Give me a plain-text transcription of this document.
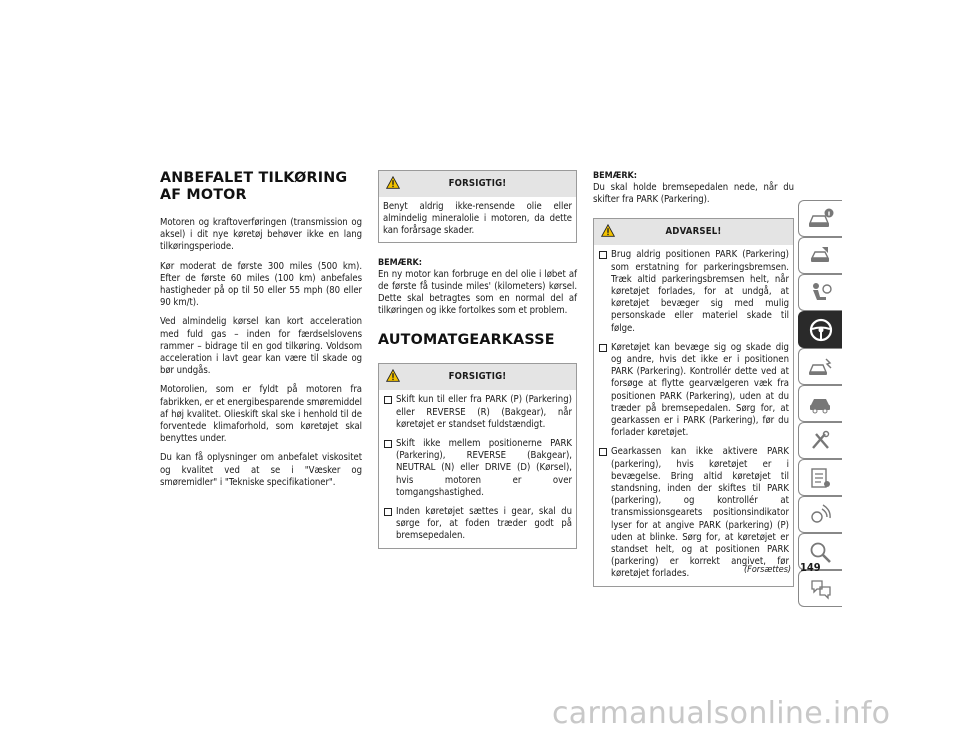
ANBEFALET TILKØRING AF MOTOR

Motoren og kraftoverføringen (transmission og aksel) i dit nye køretøj behøver ikke en lang tilkøringsperiode.

Kør moderat de første 300 miles (500 km). Efter de første 60 miles (100 km) anbefales hastigheder på op til 50 eller 55 mph (80 eller 90 km/t).

Ved almindelig kørsel kan kort acceleration med fuld gas – inden for færdselslovens rammer – bidrage til en god tilkøring. Voldsom acceleration i lavt gear kan være til skade og bør undgås.

Motorolien, som er fyldt på motoren fra fabrikken, er et energibesparende smøremiddel af høj kvalitet. Olieskift skal ske i henhold til de forventede klimaforhold, som køretøjet skal benyttes under.

Du kan få oplysninger om anbefalet viskositet og kvalitet ved at se i "Væsker og smøremidler" i "Tekniske specifikationer".

FORSIGTIG!

Benyt aldrig ikke-rensende olie eller almindelig mineralolie i motoren, da dette kan forårsage skader.

BEMÆRK:

En ny motor kan forbruge en del olie i løbet af de første få tusinde miles' (kilometers) kørsel. Dette skal betragtes som en normal del af tilkøringen og ikke fortolkes som et problem.

AUTOMATGEARKASSE
FORSIGTIG!
Skift kun til eller fra PARK (P) (Parkering) eller REVERSE (R) (Bakgear), når køretøjet er standset fuldstændigt.
Skift ikke mellem positionerne PARK (Parkering), REVERSE (Bakgear), NEUTRAL (N) eller DRIVE (D) (Kørsel), hvis motoren er over tomgangshastighed.
Inden køretøjet sættes i gear, skal du sørge for, at foden træder godt på bremsepedalen.

BEMÆRK:

Du skal holde bremsepedalen nede, når du skifter fra PARK (Parkering).

ADVARSEL!
Brug aldrig positionen PARK (Parkering) som erstatning for parkeringsbremsen. Træk altid parkeringsbremsen helt, når køretøjet forlades, for at undgå, at køretøjet bevæger sig med mulig personskade eller materiel skade til følge.
Køretøjet kan bevæge sig og skade dig og andre, hvis det ikke er i positionen PARK (Parkering). Kontrollér dette ved at forsøge at flytte gearvælgeren væk fra positionen PARK (Parkering), uden at du træder på bremsepedalen. Sørg for, at gearkassen er i PARK (Parkering), før du forlader køretøjet.
Gearkassen kan ikke aktivere PARK (parkering), hvis køretøjet er i bevægelse. Bring altid køretøjet til standsning, inden der skiftes til PARK (parkering), og kontrollér at transmissionsgearets positionsindikator lyser for at angive PARK (parkering) (P) uden at blinke. Sørg for, at køretøjet er standset helt, og at positionen PARK (parkering) er korrekt angivet, før køretøjet forlades.	(Forsættes) 149
carmanualsonline.info
